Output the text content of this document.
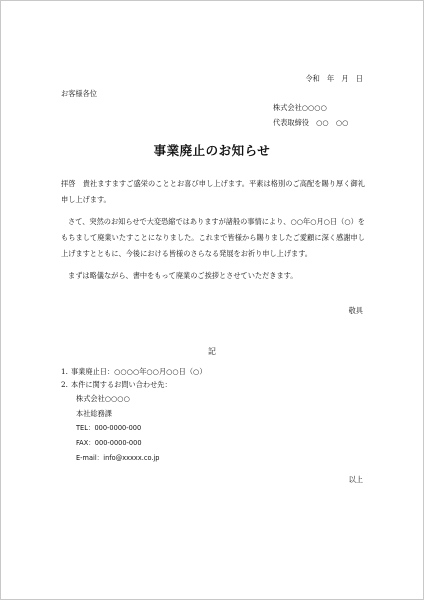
令和　年　月　日
お客様各位
株式会社○○○○
代表取締役　○○　○○
事業廃止のお知らせ

拝啓　貴社ますますご盛栄のこととお喜び申し上げます。平素は格別のご高配を賜り厚く御礼申し上げます。

さて、突然のお知らせで大変恐縮ではありますが諸般の事情により、○○年○月○日（○）をもちまして廃業いたすことになりました。これまで皆様から賜りましたご愛顧に深く感謝申し上げますとともに、今後における皆様のさらなる発展をお祈り申し上げます。

まずは略儀ながら、書中をもって廃業のご挨拶とさせていただきます。

敬具
記
1. 事業廃止日：○○○○年○○月○○日（○）
2. 本件に関するお問い合わせ先：
株式会社○○○○
本社総務課
TEL：000-0000-000
FAX：000-0000-000
E-mail：info@xxxxx.co.jp
以上
